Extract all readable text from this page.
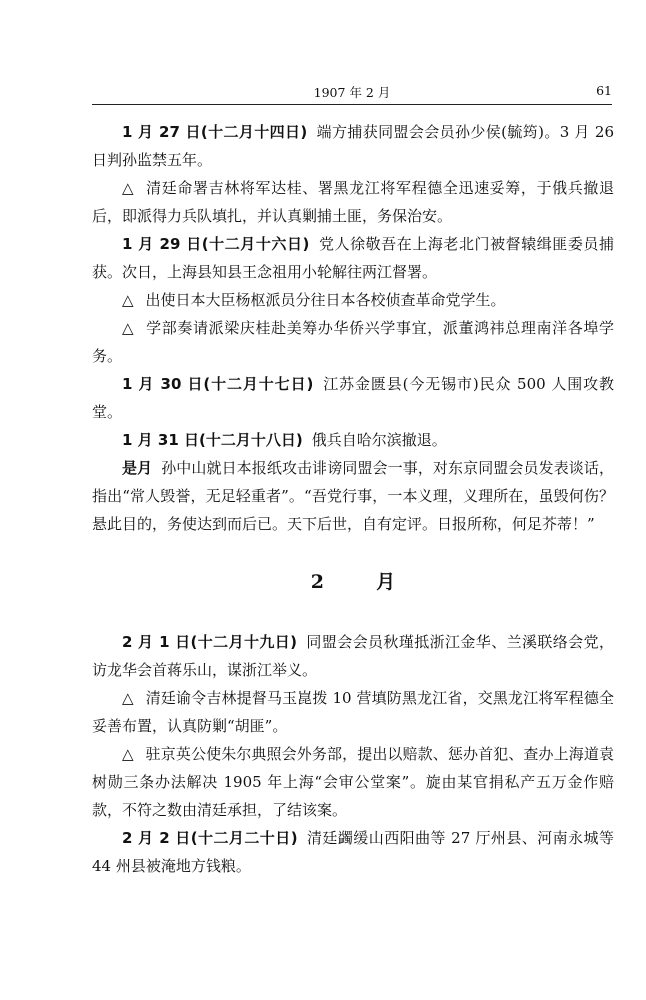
1907 年 2 月	61

1 月 27 日(十二月十四日) 端方捕获同盟会会员孙少侯(毓筠)。3 月 26 日判孙监禁五年。

△ 清廷命署吉林将军达桂、署黑龙江将军程德全迅速妥筹，于俄兵撤退后，即派得力兵队填扎，并认真剿捕土匪，务保治安。

1 月 29 日(十二月十六日) 党人徐敬吾在上海老北门被督辕缉匪委员捕获。次日，上海县知县王念祖用小轮解往两江督署。

△ 出使日本大臣杨枢派员分往日本各校侦查革命党学生。

△ 学部奏请派梁庆桂赴美筹办华侨兴学事宜，派董鸿祎总理南洋各埠学务。

1 月 30 日(十二月十七日) 江苏金匮县(今无锡市)民众 500 人围攻教堂。

1 月 31 日(十二月十八日) 俄兵自哈尔滨撤退。

是月 孙中山就日本报纸攻击诽谤同盟会一事，对东京同盟会员发表谈话，指出“常人毁誉，无足轻重者”。“吾党行事，一本义理，义理所在，虽毁何伤？悬此目的，务使达到而后已。天下后世，自有定评。日报所称，何足芥蒂！”

2 月

2 月 1 日(十二月十九日) 同盟会会员秋瑾抵浙江金华、兰溪联络会党，访龙华会首蒋乐山，谋浙江举义。

△ 清廷谕令吉林提督马玉崑拨 10 营填防黑龙江省，交黑龙江将军程德全妥善布置，认真防剿“胡匪”。

△ 驻京英公使朱尔典照会外务部，提出以赔款、惩办首犯、查办上海道袁树勋三条办法解决 1905 年上海“会审公堂案”。旋由某官捐私产五万金作赔款，不符之数由清廷承担，了结该案。

2 月 2 日(十二月二十日) 清廷蠲缓山西阳曲等 27 厅州县、河南永城等 44 州县被淹地方钱粮。
